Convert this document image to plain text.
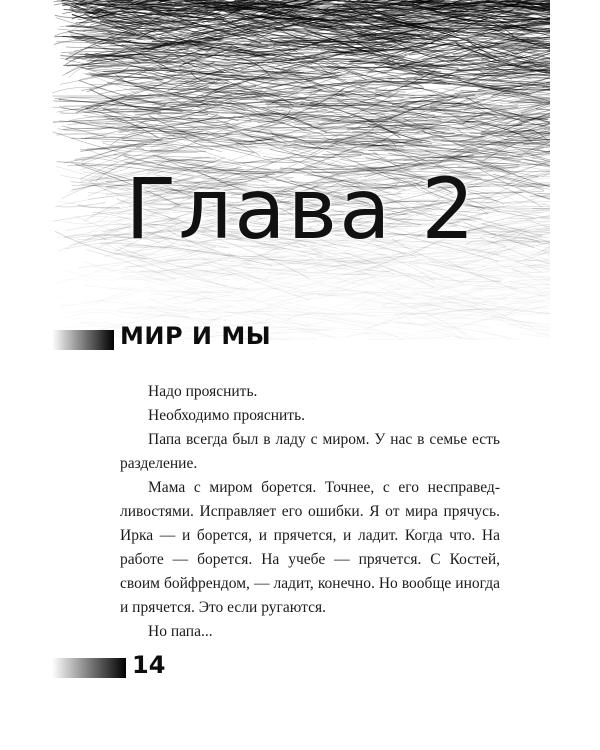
Глава 2
МИР И МЫ

Надо прояснить.

Необходимо прояснить.

Папа всегда был в ладу с миром. У нас в семье есть разделение.

Мама с миром борется. Точнее, с его несправедливостями. Исправляет его ошибки. Я от мира прячусь. Ирка — и борется, и прячется, и ладит. Когда что. На работе — борется. На учебе — прячется. С Костей, своим бойфрендом, — ладит, конечно. Но вообще иногда и прячется. Это если ругаются.

Но папа...

14
